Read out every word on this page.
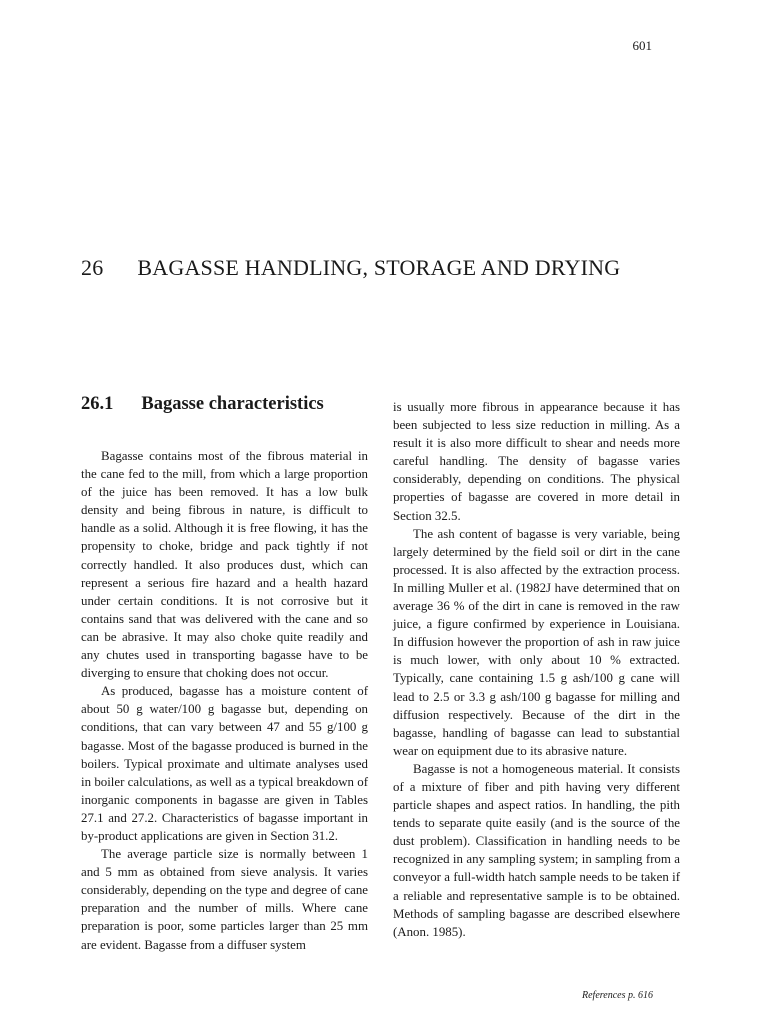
601
26 BAGASSE HANDLING, STORAGE AND DRYING
26.1 Bagasse characteristics

Bagasse contains most of the fibrous material in the cane fed to the mill, from which a large proportion of the juice has been removed. It has a low bulk density and being fibrous in nature, is difficult to handle as a solid. Although it is free flowing, it has the propensity to choke, bridge and pack tightly if not correctly handled. It also produces dust, which can represent a serious fire hazard and a health hazard under certain conditions. It is not corrosive but it contains sand that was delivered with the cane and so can be abrasive. It may also choke quite readily and any chutes used in transporting bagasse have to be diverging to ensure that choking does not occur.

As produced, bagasse has a moisture content of about 50 g water/100 g bagasse but, depending on conditions, that can vary between 47 and 55 g/100 g bagasse. Most of the bagasse produced is burned in the boilers. Typical proximate and ultimate analyses used in boiler calculations, as well as a typical breakdown of inorganic components in bagasse are given in Tables 27.1 and 27.2. Characteristics of bagasse important in by-product applications are given in Section 31.2.

The average particle size is normally between 1 and 5 mm as obtained from sieve analysis. It varies considerably, depending on the type and degree of cane preparation and the number of mills. Where cane preparation is poor, some particles larger than 25 mm are evident. Bagasse from a diffuser system

is usually more fibrous in appearance because it has been subjected to less size reduction in milling. As a result it is also more difficult to shear and needs more careful handling. The density of bagasse varies considerably, depending on conditions. The physical properties of bagasse are covered in more detail in Section 32.5.

The ash content of bagasse is very variable, being largely determined by the field soil or dirt in the cane processed. It is also affected by the extraction process. In milling Muller et al. (1982J have determined that on average 36 % of the dirt in cane is removed in the raw juice, a figure confirmed by experience in Louisiana. In diffusion however the proportion of ash in raw juice is much lower, with only about 10 % extracted. Typically, cane containing 1.5 g ash/100 g cane will lead to 2.5 or 3.3 g ash/100 g bagasse for milling and diffusion respectively. Because of the dirt in the bagasse, handling of bagasse can lead to substantial wear on equipment due to its abrasive nature.

Bagasse is not a homogeneous material. It consists of a mixture of fiber and pith having very different particle shapes and aspect ratios. In handling, the pith tends to separate quite easily (and is the source of the dust problem). Classification in handling needs to be recognized in any sampling system; in sampling from a conveyor a full-width hatch sample needs to be taken if a reliable and representative sample is to be obtained. Methods of sampling bagasse are described elsewhere (Anon. 1985).

References p. 616
